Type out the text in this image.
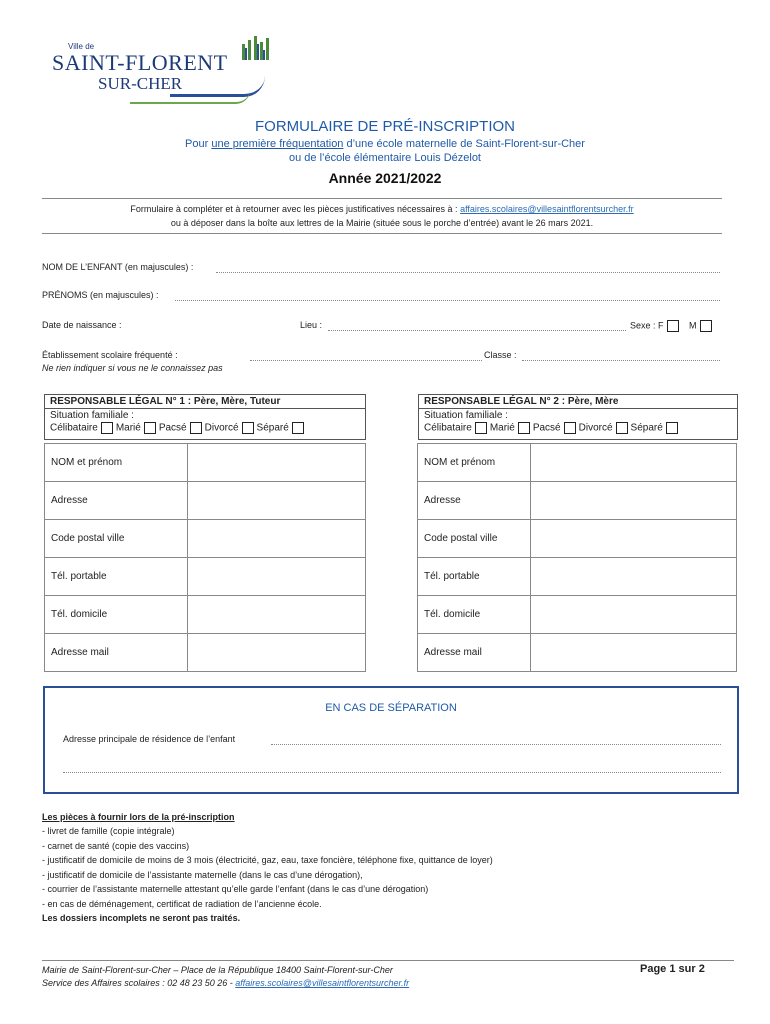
Ville de
SAINT-FLORENT
SUR-CHER
FORMULAIRE DE PRÉ-INSCRIPTION
Pour une première fréquentation d’une école maternelle de Saint-Florent-sur-Cher
ou de l’école élémentaire Louis Dézelot
Année 2021/2022
Formulaire à compléter et à retourner avec les pièces justificatives nécessaires à : affaires.scolaires@villesaintflorentsurcher.fr
ou à déposer dans la boîte aux lettres de la Mairie (située sous le porche d’entrée) avant le 26 mars 2021.
NOM DE L’ENFANT (en majuscules) :
PRÉNOMS (en majuscules) :
Date de naissance :	Lieu :	Sexe : F	M
Établissement scolaire fréquenté :	Classe :
Ne rien indiquer si vous ne le connaissez pas
RESPONSABLE LÉGAL N° 1 : Père, Mère, Tuteur
Situation familiale :
Célibataire Marié Pacsé Divorcé Séparé
RESPONSABLE LÉGAL N° 2 : Père, Mère
Situation familiale :
Célibataire Marié Pacsé Divorcé Séparé
NOM et prénom	
Adresse	
Code postal ville	
Tél. portable	
Tél. domicile	
Adresse mail	
NOM et prénom	
Adresse	
Code postal ville	
Tél. portable	
Tél. domicile	
Adresse mail	
EN CAS DE SÉPARATION
Adresse principale de résidence de l’enfant
Les pièces à fournir lors de la pré-inscription
- livret de famille (copie intégrale)
- carnet de santé (copie des vaccins)
- justificatif de domicile de moins de 3 mois (électricité, gaz, eau, taxe foncière, téléphone fixe, quittance de loyer)
- justificatif de domicile de l’assistante maternelle (dans le cas d’une dérogation),
- courrier de l’assistante maternelle attestant qu’elle garde l’enfant (dans le cas d’une dérogation)
- en cas de déménagement, certificat de radiation de l’ancienne école.
Les dossiers incomplets ne seront pas traités.
Mairie de Saint-Florent-sur-Cher – Place de la République 18400 Saint-Florent-sur-Cher
Service des Affaires scolaires : 02 48 23 50 26 - affaires.scolaires@villesaintflorentsurcher.fr
Page 1 sur 2
